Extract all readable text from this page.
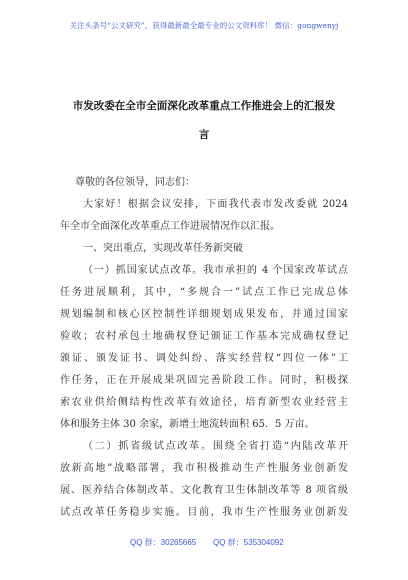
关注头条号“公文研究”，获得最新最全最专业的公文资料库！ 微信：gongwenyj
市发改委在全市全面深化改革重点工作推进会上的汇报发
言
尊敬的各位领导，同志们：
大家好！根据会议安排，下面我代表市发改委就 2024
年全市全面深化改革重点工作进展情况作以汇报。
一、突出重点，实现改革任务新突破
（一）抓国家试点改革。我市承担的 4 个国家改革试点
任务进展顺利，其中，“多规合一”试点工作已完成总体
规划编制和核心区控制性详细规划成果发布，并通过国家
验收；农村承包土地确权登记颁证工作基本完成确权登记
颁证、颁发证书、调处纠纷、落实经营权“四位一体”工
作任务，正在开展成果巩固完善阶段工作。同时，积极探
索农业供给侧结构性改革有效途径，培育新型农业经营主
体和服务主体 30 余家，新增土地流转面积 65．5 万亩。
（二）抓省级试点改革。围绕全省打造“内陆改革开
放新高地”战略部署，我市积极推动生产性服务业创新发
展、医养结合体制改革、文化教育卫生体制改革等 8 项省级
试点改革任务稳步实施。目前，我市生产性服务业创新发
QQ 群：30265665 QQ 群：535304092
